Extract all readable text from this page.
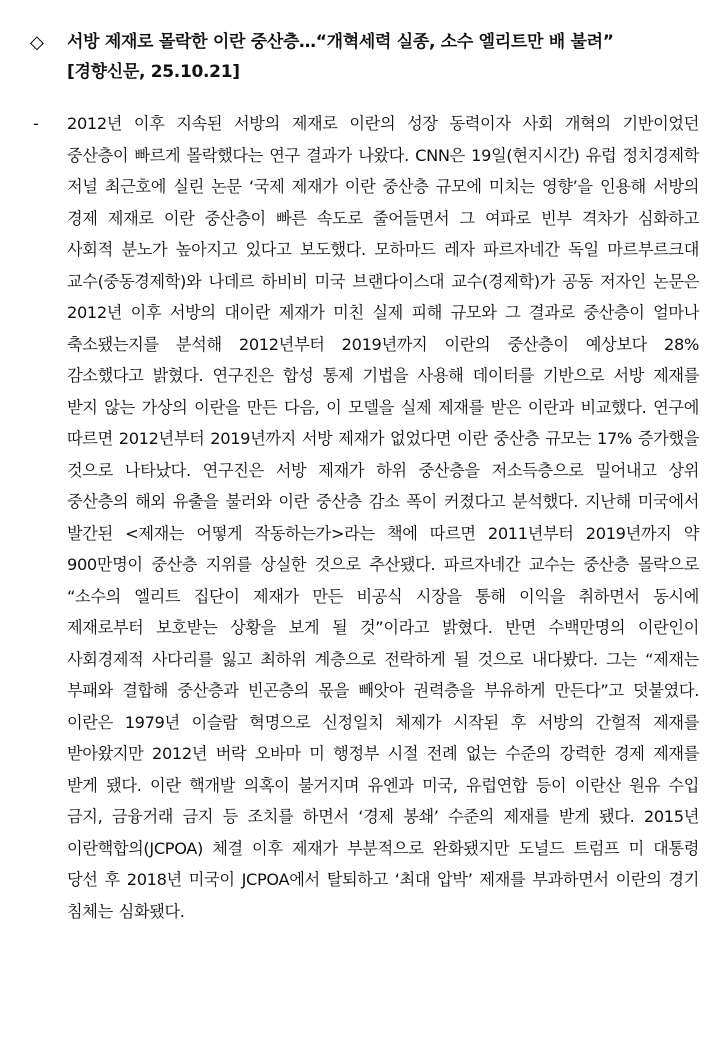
◇ 서방 제재로 몰락한 이란 중산층…“개혁세력 실종, 소수 엘리트만 배 불려”
[경향신문, 25.10.21]
- 2012년 이후 지속된 서방의 제재로 이란의 성장 동력이자 사회 개혁의 기반이었던 중산층이 빠르게 몰락했다는 연구 결과가 나왔다. CNN은 19일(현지시간) 유럽 정치경제학 저널 최근호에 실린 논문 ‘국제 제재가 이란 중산층 규모에 미치는 영향’을 인용해 서방의 경제 제재로 이란 중산층이 빠른 속도로 줄어들면서 그 여파로 빈부 격차가 심화하고 사회적 분노가 높아지고 있다고 보도했다. 모하마드 레자 파르자네간 독일 마르부르크대 교수(중동경제학)와 나데르 하비비 미국 브랜다이스대 교수(경제학)가 공동 저자인 논문은 2012년 이후 서방의 대이란 제재가 미친 실제 피해 규모와 그 결과로 중산층이 얼마나 축소됐는지를 분석해 2012년부터 2019년까지 이란의 중산층이 예상보다 28% 감소했다고 밝혔다. 연구진은 합성 통제 기법을 사용해 데이터를 기반으로 서방 제재를 받지 않는 가상의 이란을 만든 다음, 이 모델을 실제 제재를 받은 이란과 비교했다. 연구에 따르면 2012년부터 2019년까지 서방 제재가 없었다면 이란 중산층 규모는 17% 증가했을 것으로 나타났다. 연구진은 서방 제재가 하위 중산층을 저소득층으로 밀어내고 상위 중산층의 해외 유출을 불러와 이란 중산층 감소 폭이 커졌다고 분석했다. 지난해 미국에서 발간된 <제재는 어떻게 작동하는가>라는 책에 따르면 2011년부터 2019년까지 약 900만명이 중산층 지위를 상실한 것으로 추산됐다. 파르자네간 교수는 중산층 몰락으로 “소수의 엘리트 집단이 제재가 만든 비공식 시장을 통해 이익을 취하면서 동시에 제재로부터 보호받는 상황을 보게 될 것”이라고 밝혔다. 반면 수백만명의 이란인이 사회경제적 사다리를 잃고 최하위 계층으로 전락하게 될 것으로 내다봤다. 그는 “제재는 부패와 결합해 중산층과 빈곤층의 몫을 빼앗아 권력층을 부유하게 만든다”고 덧붙였다. 이란은 1979년 이슬람 혁명으로 신정일치 체제가 시작된 후 서방의 간헐적 제재를 받아왔지만 2012년 버락 오바마 미 행정부 시절 전례 없는 수준의 강력한 경제 제재를 받게 됐다. 이란 핵개발 의혹이 불거지며 유엔과 미국, 유럽연합 등이 이란산 원유 수입 금지, 금융거래 금지 등 조치를 하면서 ‘경제 봉쇄’ 수준의 제재를 받게 됐다. 2015년 이란핵합의(JCPOA) 체결 이후 제재가 부분적으로 완화됐지만 도널드 트럼프 미 대통령 당선 후 2018년 미국이 JCPOA에서 탈퇴하고 ‘최대 압박’ 제재를 부과하면서 이란의 경기 침체는 심화됐다.
